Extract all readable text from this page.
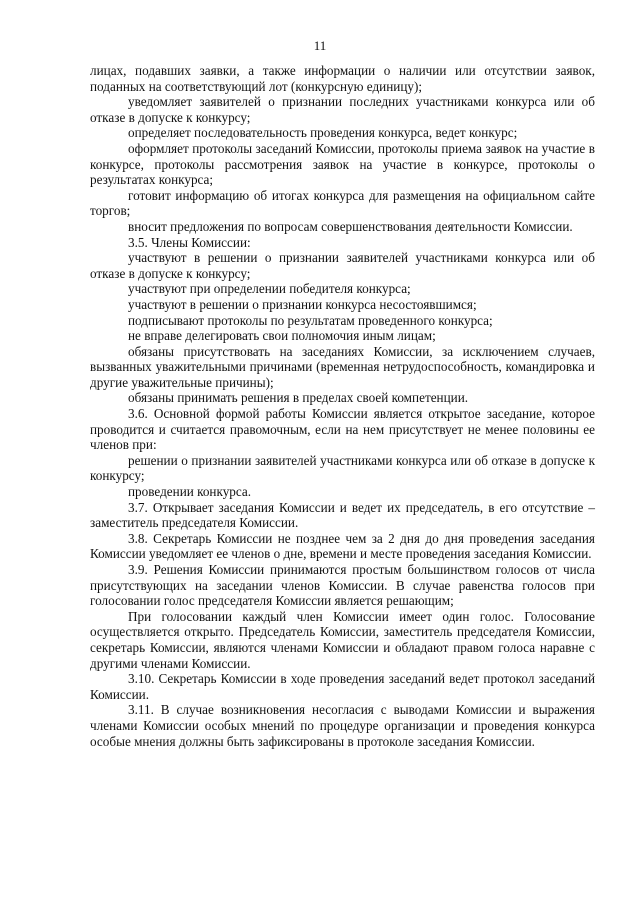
11

лицах, подавших заявки, а также информации о наличии или отсутствии заявок, поданных на соответствующий лот (конкурсную единицу);

уведомляет заявителей о признании последних участниками конкурса или об отказе в допуске к конкурсу;

определяет последовательность проведения конкурса, ведет конкурс;

оформляет протоколы заседаний Комиссии, протоколы приема заявок на участие в конкурсе, протоколы рассмотрения заявок на участие в конкурсе, протоколы о результатах конкурса;

готовит информацию об итогах конкурса для размещения на официальном сайте торгов;

вносит предложения по вопросам совершенствования деятельности Комиссии.

3.5. Члены Комиссии:

участвуют в решении о признании заявителей участниками конкурса или об отказе в допуске к конкурсу;

участвуют при определении победителя конкурса;

участвуют в решении о признании конкурса несостоявшимся;

подписывают протоколы по результатам проведенного конкурса;

не вправе делегировать свои полномочия иным лицам;

обязаны присутствовать на заседаниях Комиссии, за исключением случаев, вызванных уважительными причинами (временная нетрудоспособность, командировка и другие уважительные причины);

обязаны принимать решения в пределах своей компетенции.

3.6. Основной формой работы Комиссии является открытое заседание, которое проводится и считается правомочным, если на нем присутствует не менее половины ее членов при:

решении о признании заявителей участниками конкурса или об отказе в допуске к конкурсу;

проведении конкурса.

3.7. Открывает заседания Комиссии и ведет их председатель, в его отсутствие – заместитель председателя Комиссии.

3.8. Секретарь Комиссии не позднее чем за 2 дня до дня проведения заседания Комиссии уведомляет ее членов о дне, времени и месте проведения заседания Комиссии.

3.9. Решения Комиссии принимаются простым большинством голосов от числа присутствующих на заседании членов Комиссии. В случае равенства голосов при голосовании голос председателя Комиссии является решающим;

При голосовании каждый член Комиссии имеет один голос. Голосование осуществляется открыто. Председатель Комиссии, заместитель председателя Комиссии, секретарь Комиссии, являются членами Комиссии и обладают правом голоса наравне с другими членами Комиссии.

3.10. Секретарь Комиссии в ходе проведения заседаний ведет протокол заседаний Комиссии.

3.11. В случае возникновения несогласия с выводами Комиссии и выражения членами Комиссии особых мнений по процедуре организации и проведения конкурса особые мнения должны быть зафиксированы в протоколе заседания Комиссии.
